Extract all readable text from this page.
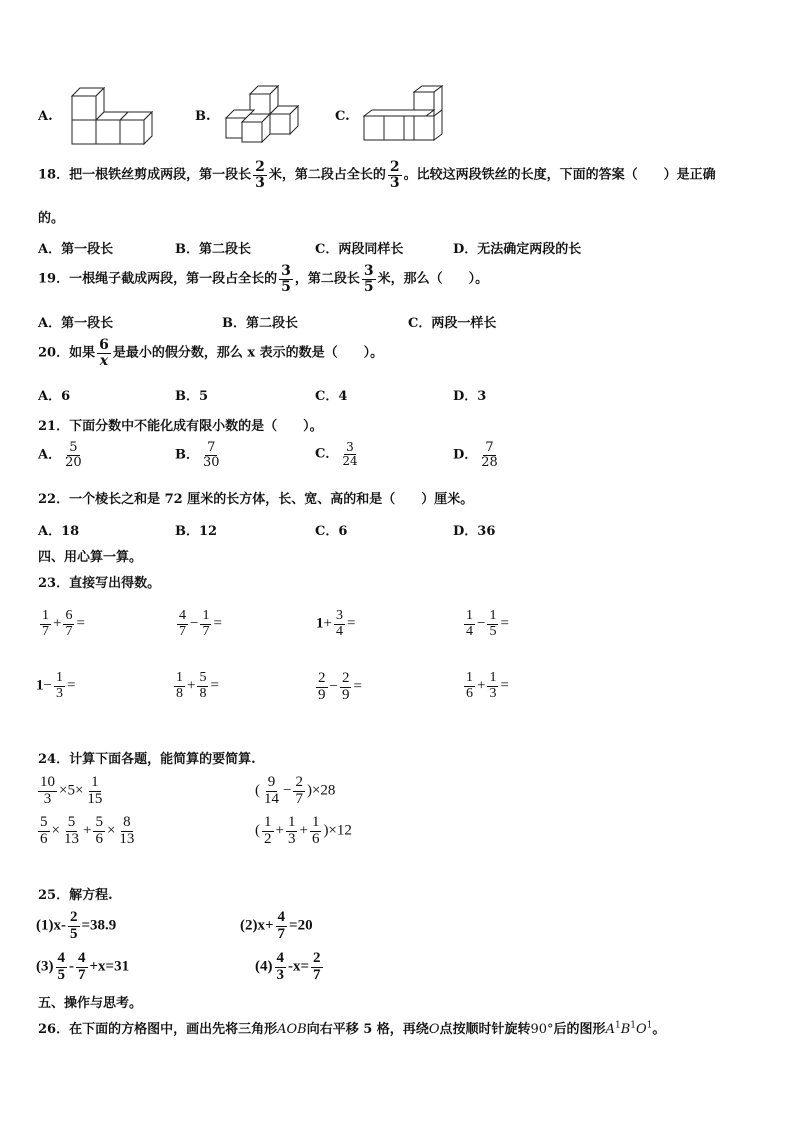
A.	B.	C.
18．把一根铁丝剪成两段，第一段长 $\frac{2}{3}$ 米，第二段占全长的 $\frac{2}{3}$ 。比较这两段铁丝的长度，下面的答案（　　）是正确
的。
A．第一段长	B．第二段长	C．两段同样长	D．无法确定两段的长
19．一根绳子截成两段，第一段占全长的 $\frac{3}{5}$ ，第二段长 $\frac{3}{5}$ 米，那么（　　）。
A．第一段长	B．第二段长	C．两段一样长
20．如果 $\frac{6}{x}$ 是最小的假分数，那么 x 表示的数是（　　）。
A．6	B．5	C．4	D．3
21．下面分数中不能化成有限小数的是（　　）。
A． $\frac{5}{20}$	B． $\frac{7}{30}$	C． $\frac{3}{24}$	D． $\frac{7}{28}$
22．一个棱长之和是 72 厘米的长方体，长、宽、高的和是（　　）厘米。
A．18	B．12	C．6	D．36
四、用心算一算。
23．直接写出得数。
$\frac{1}{7} + \frac{6}{7}$ =	$\frac{4}{7} - \frac{1}{7}$ =	$1+ \frac{3}{4}$ =	$\frac{1}{4} - \frac{1}{5}$ =
$1- \frac{1}{3}$ =	$\frac{1}{8} + \frac{5}{8}$ =	$\frac{2}{9} - \frac{2}{9}$ =	$\frac{1}{6} + \frac{1}{3}$ =
24．计算下面各题，能简算的要简算.
$\frac{10}{3} \times 5\times \frac{1}{15}$	( $\frac{9}{14} - \frac{2}{7} )\times 28$
$\frac{5}{6} \times \frac{5}{13} + \frac{5}{6} \times \frac{8}{13}$	( $\frac{1}{2} + \frac{1}{3} + \frac{1}{6} )\times 12$
25．解方程.
$(1)x- \frac{2}{5} =38.9$	$(2)x+ \frac{4}{7} =20$
$(3) \frac{4}{5} - \frac{4}{7} +x=31$	$(4) \frac{4}{3} -x= \frac{2}{7}$
五、操作与思考。
26．在下面的方格图中，画出先将三角形AOB向右平移 5 格，再绕O点按顺时针旋转90°后的图形$A^1B^1O^1$。
